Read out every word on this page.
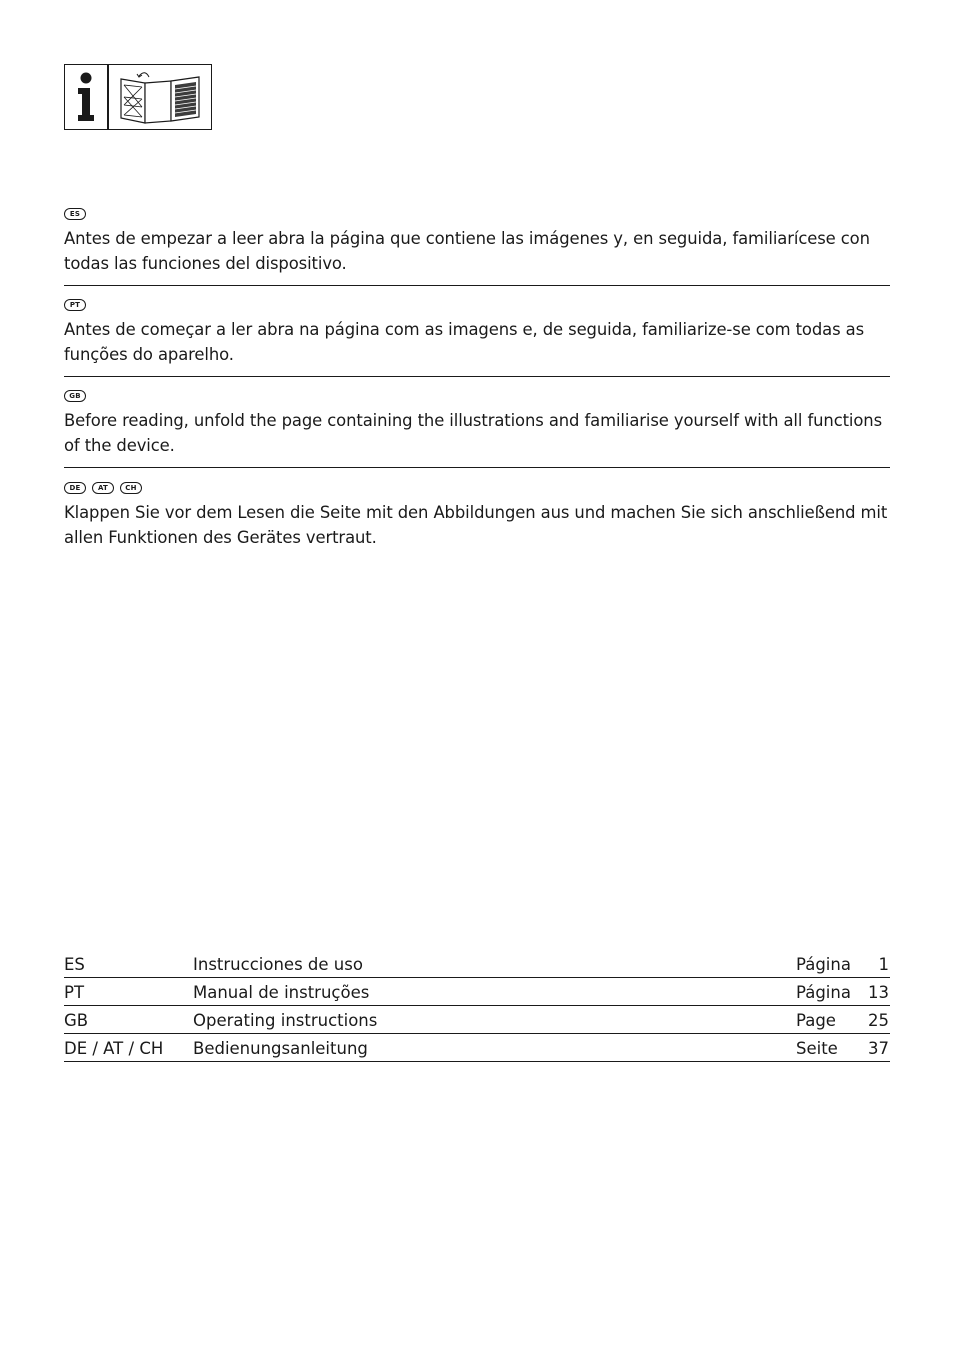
ES

Antes de empezar a leer abra la página que contiene las imágenes y, en seguida, familiarícese con todas las funciones del dispositivo.

PT

Antes de começar a ler abra na página com as imagens e, de seguida, familiarize-se com todas as funções do aparelho.

GB

Before reading, unfold the page containing the illustrations and familiarise yourself with all functions of the device.

DE	AT	CH

Klappen Sie vor dem Lesen die Seite mit den Abbildungen aus und machen Sie sich anschließend mit allen Funktionen des Gerätes vertraut.

ES	Instrucciones de uso	Página 1
PT	Manual de instruções	Página 13
GB	Operating instructions	Page 25
DE / AT / CH Bedienungsanleitung	Seite 37
